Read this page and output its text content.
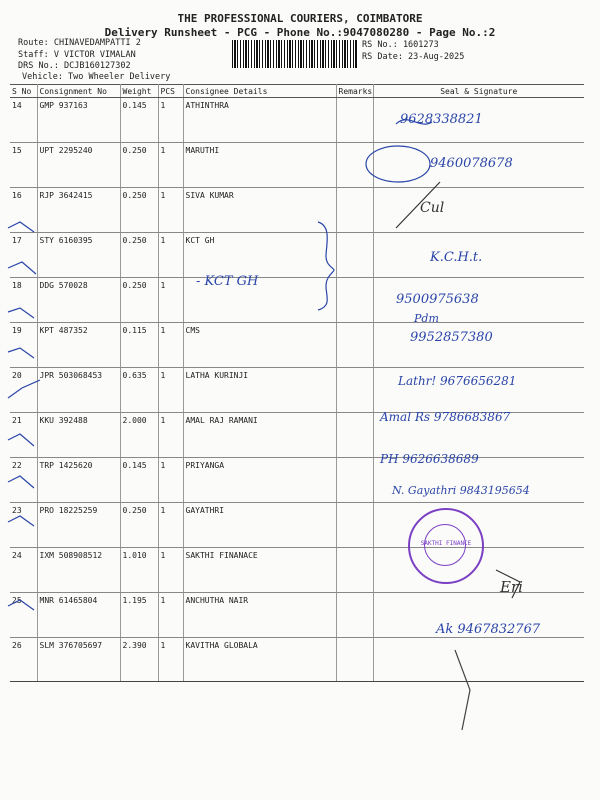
THE PROFESSIONAL COURIERS, COIMBATORE
Delivery Runsheet - PCG - Phone No.:9047080280 - Page No.:2
Route: CHINAVEDAMPATTI 2
Staff: V VICTOR VIMALAN
DRS No.: DCJB160127302
Vehicle: Two Wheeler Delivery
RS No.: 1601273
RS Date: 23-Aug-2025
S No	Consignment No	Weight	PCS	Consignee Details	Remarks	Seal & Signature
14	GMP 937163	0.145	1	ATHINTHRA		
15	UPT 2295240	0.250	1	MARUTHI		
16	RJP 3642415	0.250	1	SIVA KUMAR		
17	STY 6160395	0.250	1	KCT GH		
18	DDG 570028	0.250	1			
19	KPT 487352	0.115	1	CMS		
20	JPR 503068453	0.635	1	LATHA KURINJI		
21	KKU 392488	2.000	1	AMAL RAJ RAMANI		
22	TRP 1425620	0.145	1	PRIYANGA		
23	PRO 18225259	0.250	1	GAYATHRI		
24	IXM 508908512	1.010	1	SAKTHI FINANACE		
25	MNR 61465804	1.195	1	ANCHUTHA NAIR		
26	SLM 376705697	2.390	1	KAVITHA GLOBALA		
- KCT GH
9628338821
9460078678
Cul
K.C.H.t.
9500975638
Pdm
9952857380
Lathr! 9676656281
Amal Rs 9786683867
PH 9626638689
N. Gayathri 9843195654
Eri
Ak 9467832767
SAKTHI FINANCE
